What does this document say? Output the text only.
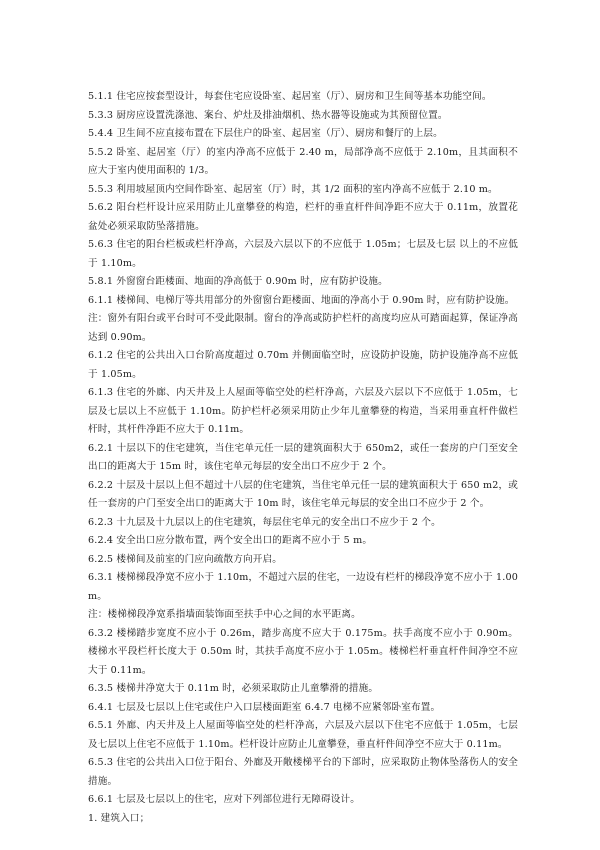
5.1.1 住宅应按套型设计，每套住宅应设卧室、起居室（厅）、厨房和卫生间等基本功能空间。

5.3.3 厨房应设置洗涤池、案台、炉灶及排油烟机、热水器等设施或为其预留位置。

5.4.4 卫生间不应直接布置在下层住户的卧室、起居室（厅）、厨房和餐厅的上层。

5.5.2 卧室、起居室（厅）的室内净高不应低于 2.40 m，局部净高不应低于 2.10m，且其面积不应大于室内使用面积的 1/3。

5.5.3 利用坡屋顶内空间作卧室、起居室（厅）时，其 1/2 面积的室内净高不应低于 2.10 m。

5.6.2 阳台栏杆设计应采用防止儿童攀登的构造，栏杆的垂直杆件间净距不应大于 0.11m，放置花盆处必须采取防坠落措施。

5.6.3 住宅的阳台栏板或栏杆净高，六层及六层以下的不应低于 1.05m；七层及七层 以上的不应低于 1.10m。

5.8.1 外窗窗台距楼面、地面的净高低于 0.90m 时，应有防护设施。

6.1.1 楼梯间、电梯厅等共用部分的外窗窗台距楼面、地面的净高小于 0.90m 时，应有防护设施。

注：窗外有阳台或平台时可不受此限制。窗台的净高或防护栏杆的高度均应从可踏面起算，保证净高达到 0.90m。

6.1.2 住宅的公共出入口台阶高度超过 0.70m 并侧面临空时，应设防护设施，防护设施净高不应低于 1.05m。

6.1.3 住宅的外廊、内天井及上人屋面等临空处的栏杆净高，六层及六层以下不应低于 1.05m，七层及七层以上不应低于 1.10m。防护栏杆必须采用防止少年儿童攀登的构造，当采用垂直杆件做栏杆时，其杆件净距不应大于 0.11m。

6.2.1 十层以下的住宅建筑，当住宅单元任一层的建筑面积大于 650m2，或任一套房的户门至安全出口的距离大于 15m 时，该住宅单元每层的安全出口不应少于 2 个。

6.2.2 十层及十层以上但不超过十八层的住宅建筑，当住宅单元任一层的建筑面积大于 650 m2，或任一套房的户门至安全出口的距离大于 10m 时，该住宅单元每层的安全出口不应少于 2 个。

6.2.3 十九层及十九层以上的住宅建筑，每层住宅单元的安全出口不应少于 2 个。

6.2.4 安全出口应分散布置，两个安全出口的距离不应小于 5 m。

6.2.5 楼梯间及前室的门应向疏散方向开启。

6.3.1 楼梯梯段净宽不应小于 1.10m，不超过六层的住宅，一边设有栏杆的梯段净宽不应小于 1.00m。

注：楼梯梯段净宽系指墙面装饰面至扶手中心之间的水平距离。

6.3.2 楼梯踏步宽度不应小于 0.26m，踏步高度不应大于 0.175m。扶手高度不应小于 0.90m。楼梯水平段栏杆长度大于 0.50m 时，其扶手高度不应小于 1.05m。楼梯栏杆垂直杆件间净空不应大于 0.11m。

6.3.5 楼梯井净宽大于 0.11m 时，必须采取防止儿童攀滑的措施。

6.4.1 七层及七层以上住宅或住户入口层楼面距室 6.4.7 电梯不应紧邻卧室布置。

6.5.1 外廊、内天井及上人屋面等临空处的栏杆净高，六层及六层以下住宅不应低于 1.05m，七层及七层以上住宅不应低于 1.10m。栏杆设计应防止儿童攀登，垂直杆件间净空不应大于 0.11m。

6.5.3 住宅的公共出入口位于阳台、外廊及开敞楼梯平台的下部时，应采取防止物体坠落伤人的安全措施。

6.6.1 七层及七层以上的住宅，应对下列部位进行无障碍设计。

1. 建筑入口；
